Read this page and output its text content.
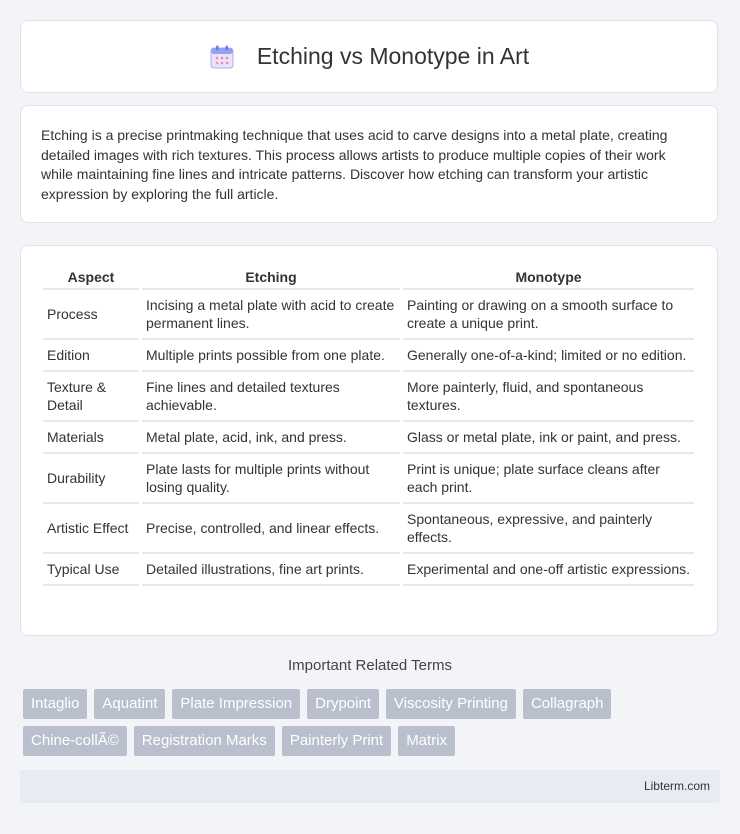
Etching vs Monotype in Art

Etching is a precise printmaking technique that uses acid to carve designs into a metal plate, creating detailed images with rich textures. This process allows artists to produce multiple copies of their work while maintaining fine lines and intricate patterns. Discover how etching can transform your artistic expression by exploring the full article.

Aspect	Etching	Monotype
Process	Incising a metal plate with acid to create permanent lines.	Painting or drawing on a smooth surface to create a unique print.
Edition	Multiple prints possible from one plate.	Generally one-of-a-kind; limited or no edition.
Texture & Detail	Fine lines and detailed textures achievable.	More painterly, fluid, and spontaneous textures.
Materials	Metal plate, acid, ink, and press.	Glass or metal plate, ink or paint, and press.
Durability	Plate lasts for multiple prints without losing quality.	Print is unique; plate surface cleans after each print.
Artistic Effect	Precise, controlled, and linear effects.	Spontaneous, expressive, and painterly effects.
Typical Use	Detailed illustrations, fine art prints.	Experimental and one-off artistic expressions.
Important Related Terms
Intaglio	Aquatint	Plate Impression	Drypoint	Viscosity Printing	Collagraph
Chine-collÃ©	Registration Marks	Painterly Print	Matrix
Libterm.com
